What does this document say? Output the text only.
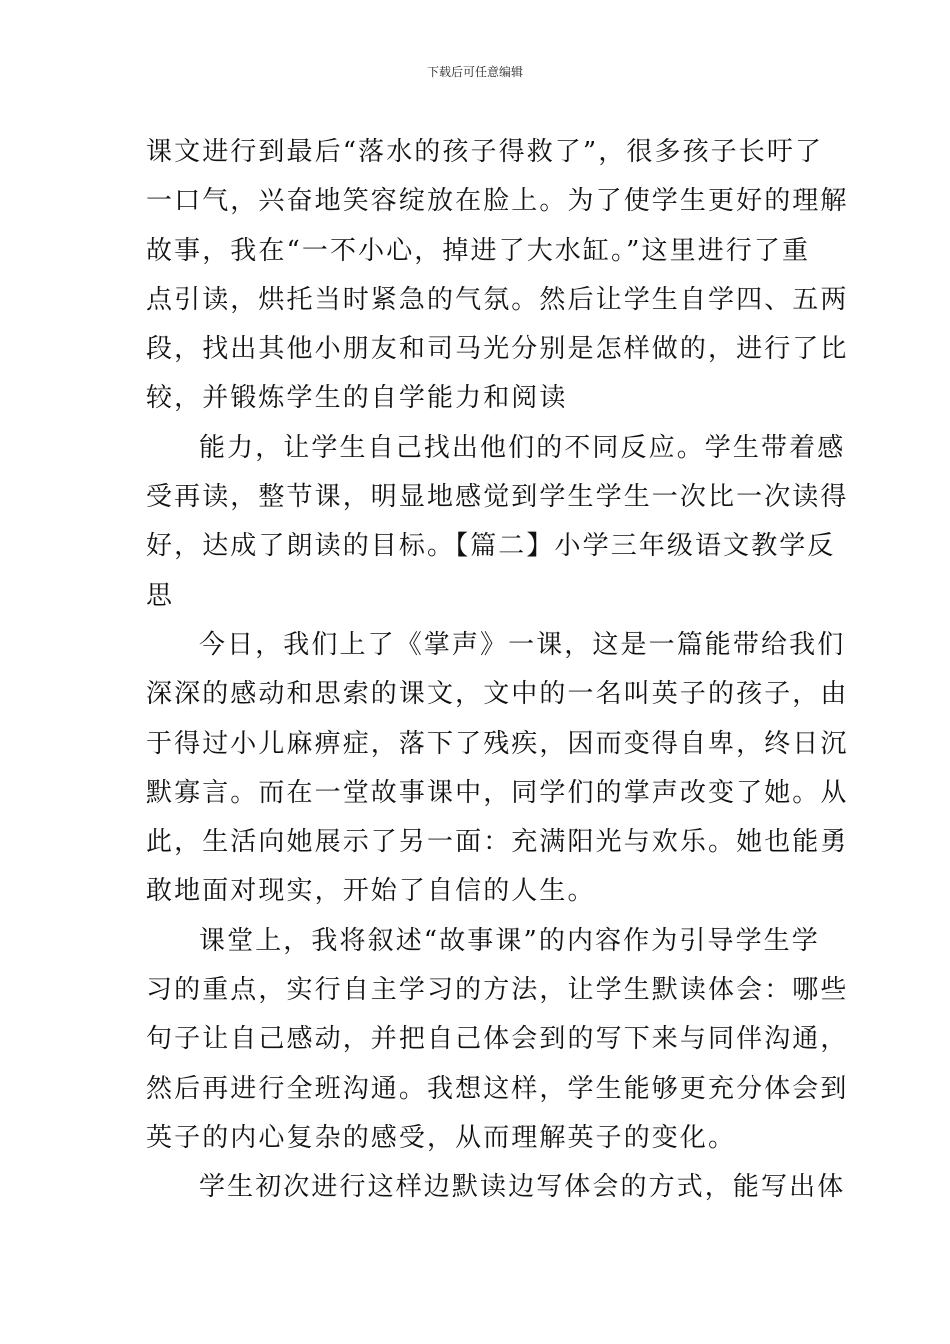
下载后可任意编辑
课文进行到最后“落水的孩子得救了”，很多孩子长吁了
一口气，兴奋地笑容绽放在脸上。为了使学生更好的理解
故事，我在“一不小心，掉进了大水缸。”这里进行了重
点引读，烘托当时紧急的气氛。然后让学生自学四、五两
段，找出其他小朋友和司马光分别是怎样做的，进行了比
较，并锻炼学生的自学能力和阅读
能力，让学生自己找出他们的不同反应。学生带着感
受再读，整节课，明显地感觉到学生学生一次比一次读得
好，达成了朗读的目标。【篇二】小学三年级语文教学反
思
今日，我们上了《掌声》一课，这是一篇能带给我们
深深的感动和思索的课文，文中的一名叫英子的孩子，由
于得过小儿麻痹症，落下了残疾，因而变得自卑，终日沉
默寡言。而在一堂故事课中，同学们的掌声改变了她。从
此，生活向她展示了另一面：充满阳光与欢乐。她也能勇
敢地面对现实，开始了自信的人生。
课堂上，我将叙述“故事课”的内容作为引导学生学
习的重点，实行自主学习的方法，让学生默读体会：哪些
句子让自己感动，并把自己体会到的写下来与同伴沟通，
然后再进行全班沟通。我想这样，学生能够更充分体会到
英子的内心复杂的感受，从而理解英子的变化。
学生初次进行这样边默读边写体会的方式，能写出体
